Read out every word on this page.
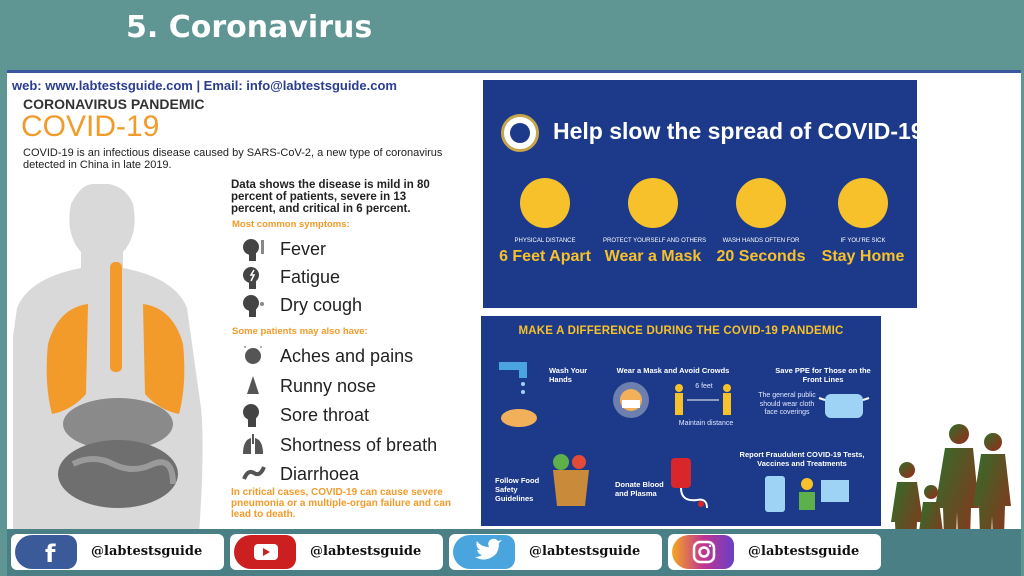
5. Coronavirus
web: www.labtestsguide.com | Email: info@labtestsguide.com
CORONAVIRUS PANDEMIC
COVID-19
COVID-19 is an infectious disease caused by SARS-CoV-2, a new type of coronavirus detected in China in late 2019.
Data shows the disease is mild in 80 percent of patients, severe in 13 percent, and critical in 6 percent.
Most common symptoms:
Fever
Fatigue
Dry cough
Some patients may also have:
Aches and pains
Runny nose
Sore throat
Shortness of breath
Diarrhoea
In critical cases, COVID-19 can cause severe pneumonia or a multiple-organ failure and can lead to death.
Help slow the spread of COVID-19
PHYSICAL DISTANCE
6 Feet Apart
PROTECT YOURSELF AND OTHERS
Wear a Mask
WASH HANDS OFTEN FOR
20 Seconds
IF YOU'RE SICK
Stay Home
MAKE A DIFFERENCE DURING THE COVID-19 PANDEMIC
Wash Your Hands
Wear a Mask and Avoid Crowds
6 feet
Maintain distance
Save PPE for Those on the Front Lines
The general public should wear cloth face coverings
Follow Food Safety Guidelines
Donate Blood and Plasma
Report Fraudulent COVID-19 Tests, Vaccines and Treatments
f	@labtestsguide	@labtestsguide	@labtestsguide	@labtestsguide
